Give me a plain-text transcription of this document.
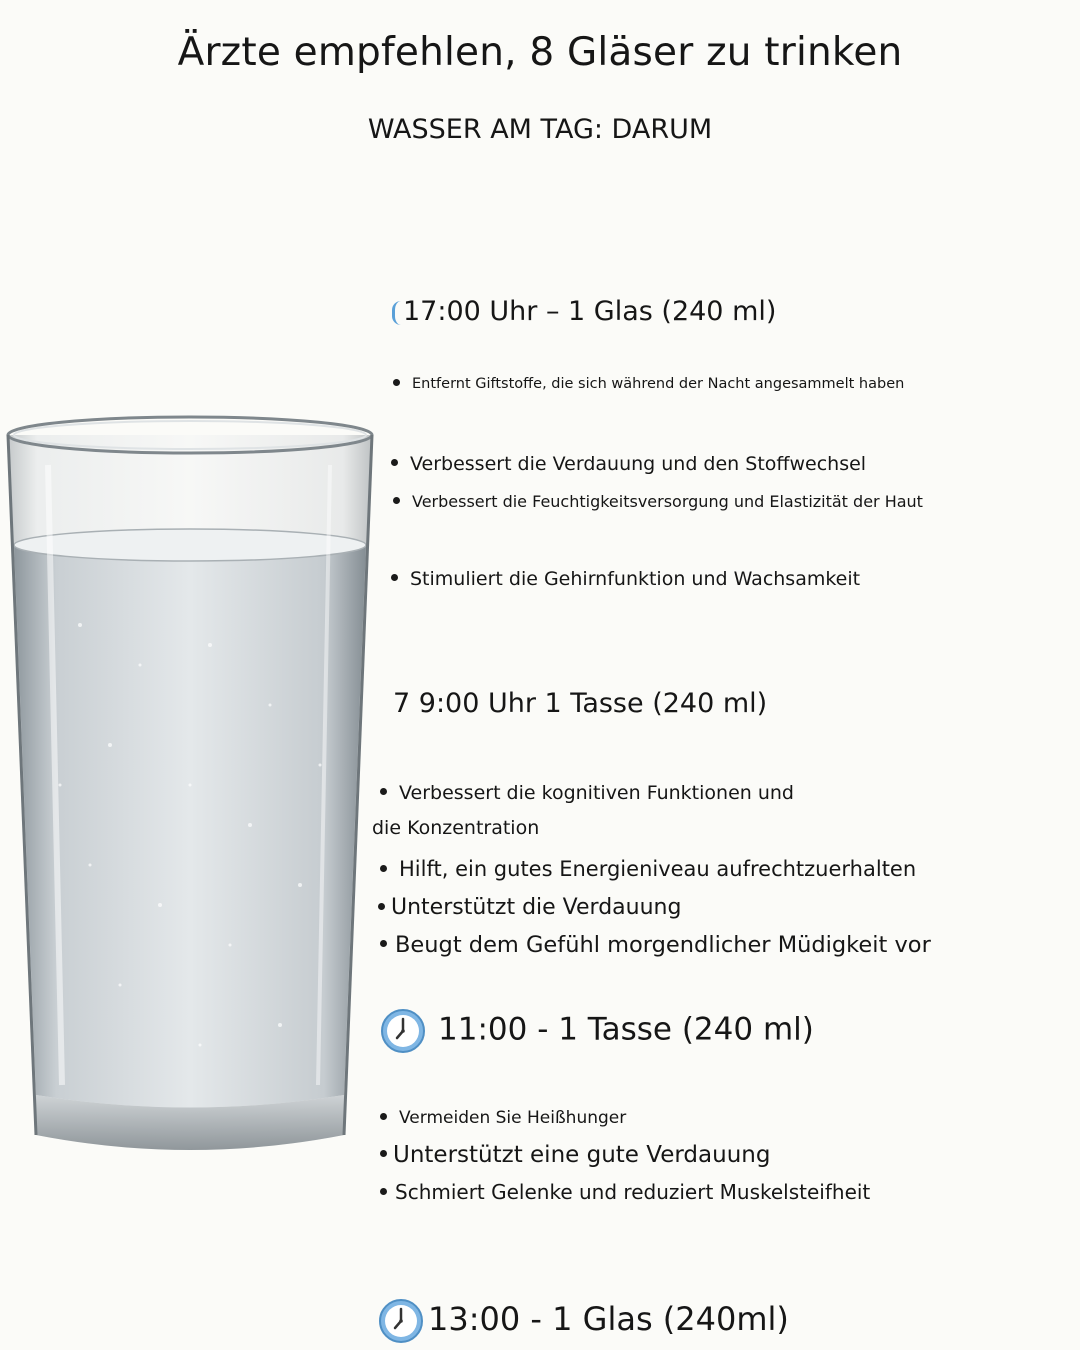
Ärzte empfehlen, 8 Gläser zu trinken
WASSER AM TAG: DARUM
17:00 Uhr – 1 Glas (240 ml)
Entfernt Giftstoffe, die sich während der Nacht angesammelt haben
Verbessert die Verdauung und den Stoffwechsel
Verbessert die Feuchtigkeitsversorgung und Elastizität der Haut
Stimuliert die Gehirnfunktion und Wachsamkeit
7 9:00 Uhr 1 Tasse (240 ml)
Verbessert die kognitiven Funktionen und
die Konzentration
Hilft, ein gutes Energieniveau aufrechtzuerhalten
Unterstützt die Verdauung
Beugt dem Gefühl morgendlicher Müdigkeit vor
11:00 - 1 Tasse (240 ml)
Vermeiden Sie Heißhunger
Unterstützt eine gute Verdauung
Schmiert Gelenke und reduziert Muskelsteifheit
13:00 - 1 Glas (240ml)
